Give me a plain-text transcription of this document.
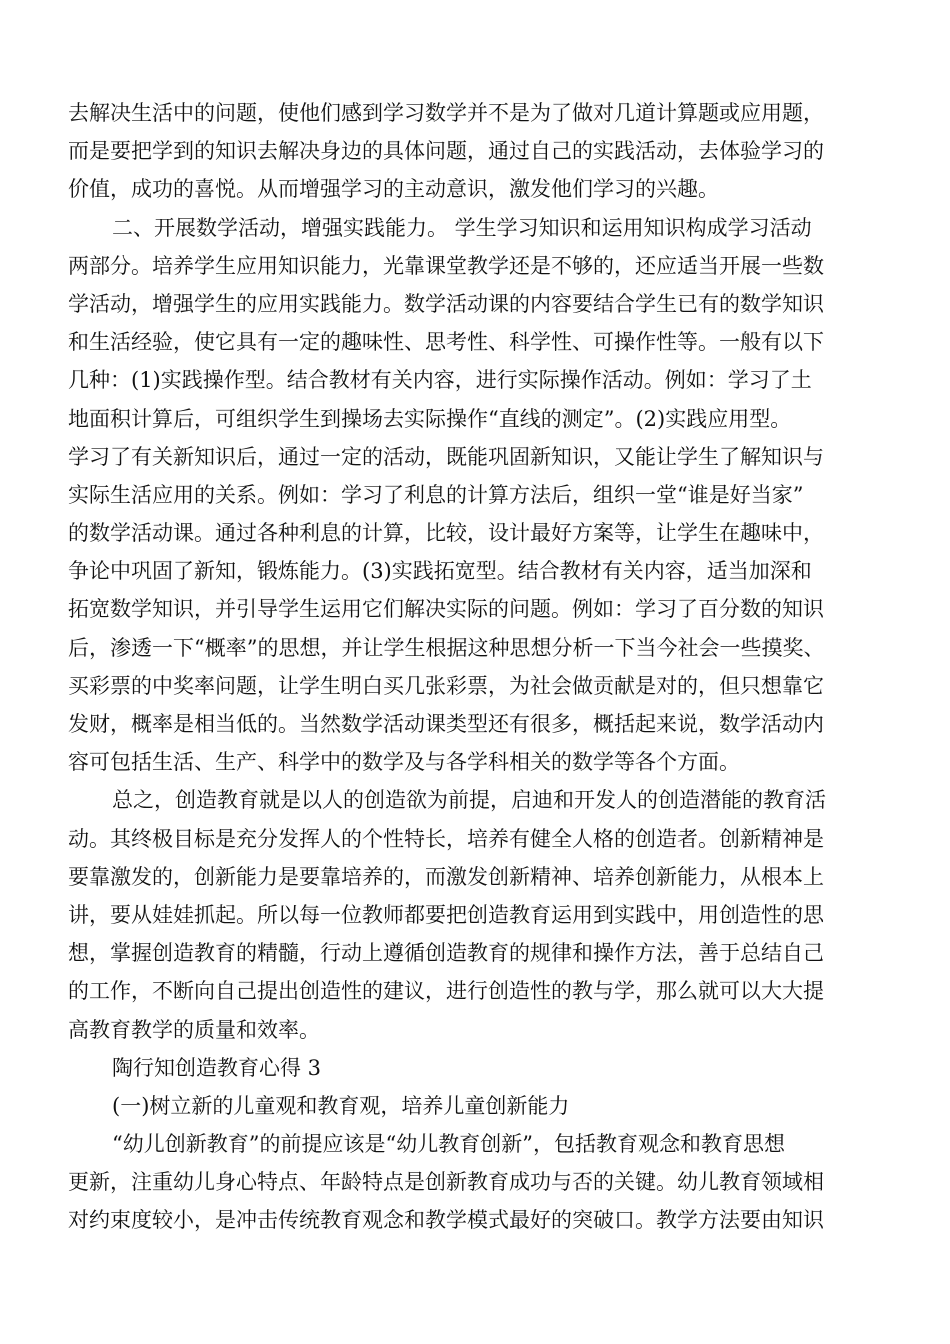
去解决生活中的问题，使他们感到学习数学并不是为了做对几道计算题或应用题，
而是要把学到的知识去解决身边的具体问题，通过自己的实践活动，去体验学习的
价值，成功的喜悦。从而增强学习的主动意识，激发他们学习的兴趣。
二、开展数学活动，增强实践能力。 学生学习知识和运用知识构成学习活动
两部分。培养学生应用知识能力，光靠课堂教学还是不够的，还应适当开展一些数
学活动，增强学生的应用实践能力。数学活动课的内容要结合学生已有的数学知识
和生活经验，使它具有一定的趣味性、思考性、科学性、可操作性等。一般有以下
几种：(1)实践操作型。结合教材有关内容，进行实际操作活动。例如：学习了土
地面积计算后，可组织学生到操场去实际操作“直线的测定”。(2)实践应用型。
学习了有关新知识后，通过一定的活动，既能巩固新知识，又能让学生了解知识与
实际生活应用的关系。例如：学习了利息的计算方法后，组织一堂“谁是好当家”
的数学活动课。通过各种利息的计算，比较，设计最好方案等，让学生在趣味中，
争论中巩固了新知，锻炼能力。(3)实践拓宽型。结合教材有关内容，适当加深和
拓宽数学知识，并引导学生运用它们解决实际的问题。例如：学习了百分数的知识
后，渗透一下“概率”的思想，并让学生根据这种思想分析一下当今社会一些摸奖、
买彩票的中奖率问题，让学生明白买几张彩票，为社会做贡献是对的，但只想靠它
发财，概率是相当低的。当然数学活动课类型还有很多，概括起来说，数学活动内
容可包括生活、生产、科学中的数学及与各学科相关的数学等各个方面。
总之，创造教育就是以人的创造欲为前提，启迪和开发人的创造潜能的教育活
动。其终极目标是充分发挥人的个性特长，培养有健全人格的创造者。创新精神是
要靠激发的，创新能力是要靠培养的，而激发创新精神、培养创新能力，从根本上
讲，要从娃娃抓起。所以每一位教师都要把创造教育运用到实践中，用创造性的思
想，掌握创造教育的精髓，行动上遵循创造教育的规律和操作方法，善于总结自己
的工作，不断向自己提出创造性的建议，进行创造性的教与学，那么就可以大大提
高教育教学的质量和效率。
陶行知创造教育心得 3
(一)树立新的儿童观和教育观，培养儿童创新能力
“幼儿创新教育”的前提应该是“幼儿教育创新”，包括教育观念和教育思想
更新，注重幼儿身心特点、年龄特点是创新教育成功与否的关键。幼儿教育领域相
对约束度较小，是冲击传统教育观念和教学模式最好的突破口。教学方法要由知识
